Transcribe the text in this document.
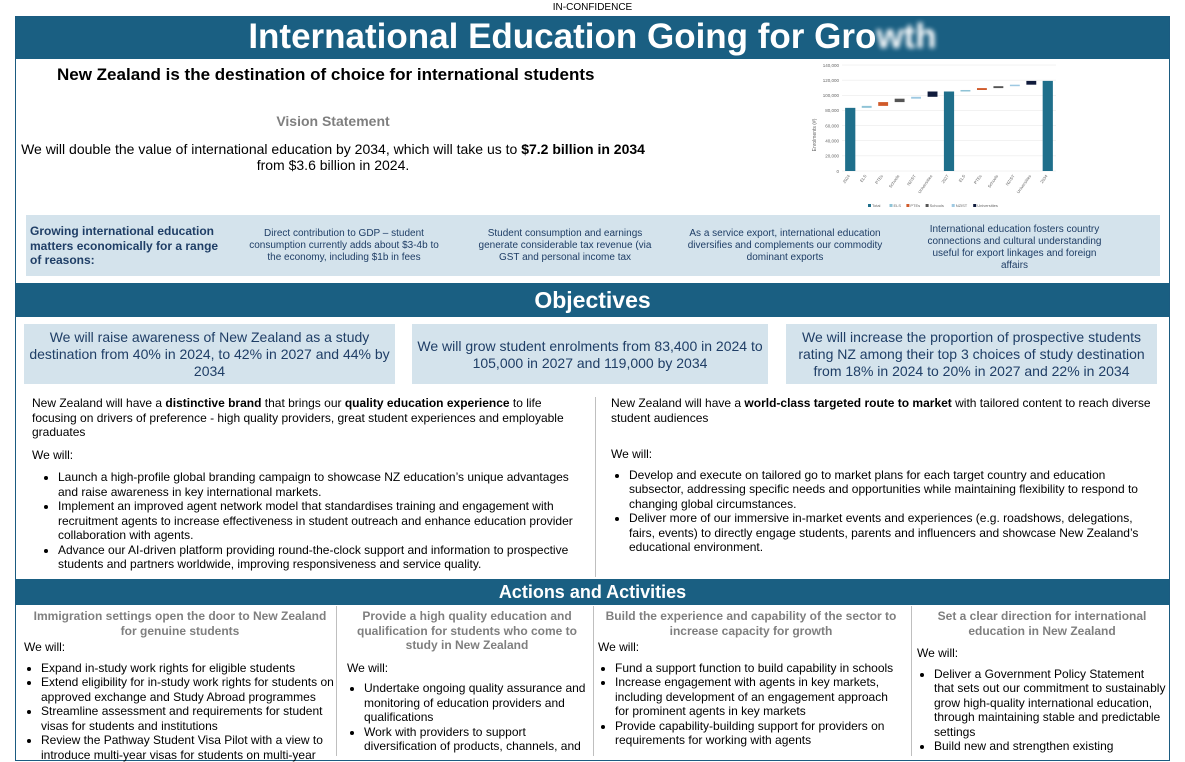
IN-CONFIDENCE
International Education Going for Growth
New Zealand is the destination of choice for international students
Vision Statement
We will double the value of international education by 2034, which will take us to $7.2 billion in 2034
from $3.6 billion in 2024.	0
20,000
40,000
60,000
80,000
100,000
120,000
140,000
2024 ELS PTEs Schools NZIST Universities 2027 ELS PTEs Schools NZIST Universities 2034
Total	ELS PTEs Schools	NZIST Universities
Enrolments (#)
Growing international education matters economically for a range of reasons:
Direct contribution to GDP – student consumption currently adds about $3-4b to the economy, including $1b in fees
Student consumption and earnings generate considerable tax revenue (via GST and personal income tax
As a service export, international education diversifies and complements our commodity dominant exports
International education fosters country connections and cultural understanding useful for export linkages and foreign affairs
Objectives
We will raise awareness of New Zealand as a study destination from 40% in 2024, to 42% in 2027 and 44% by 2034
We will grow student enrolments from 83,400 in 2024 to 105,000 in 2027 and 119,000 by 2034
We will increase the proportion of prospective students rating NZ among their top 3 choices of study destination from 18% in 2024 to 20% in 2027 and 22% in 2034
New Zealand will have a distinctive brand that brings our quality education experience to life focusing on drivers of preference - high quality providers, great student experiences and employable graduates
We will:
• Launch a high-profile global branding campaign to showcase NZ education’s unique advantages and raise awareness in key international markets.
• Implement an improved agent network model that standardises training and engagement with recruitment agents to increase effectiveness in student outreach and enhance education provider collaboration with agents.
• Advance our AI-driven platform providing round-the-clock support and information to prospective students and partners worldwide, improving responsiveness and service quality.
New Zealand will have a world-class targeted route to market with tailored content to reach diverse student audiences
We will:
• Develop and execute on tailored go to market plans for each target country and education subsector, addressing specific needs and opportunities while maintaining flexibility to respond to changing global circumstances.
• Deliver more of our immersive in-market events and experiences (e.g. roadshows, delegations, fairs, events) to directly engage students, parents and influencers and showcase New Zealand’s educational environment.
Actions and Activities
Immigration settings open the door to New Zealand for genuine students
We will:
• Expand in-study work rights for eligible students
• Extend eligibility for in-study work rights for students on approved exchange and Study Abroad programmes
• Streamline assessment and requirements for student visas for students and institutions
• Review the Pathway Student Visa Pilot with a view to introduce multi-year visas for students on multi-year
Provide a high quality education and qualification for students who come to study in New Zealand
We will:
• Undertake ongoing quality assurance and monitoring of education providers and qualifications
• Work with providers to support diversification of products, channels, and
Build the experience and capability of the sector to increase capacity for growth
We will:
• Fund a support function to build capability in schools
• Increase engagement with agents in key markets, including development of an engagement approach for prominent agents in key markets
• Provide capability-building support for providers on requirements for working with agents
Set a clear direction for international education in New Zealand
We will:
• Deliver a Government Policy Statement that sets out our commitment to sustainably grow high-quality international education, through maintaining stable and predictable settings
• Build new and strengthen existing
